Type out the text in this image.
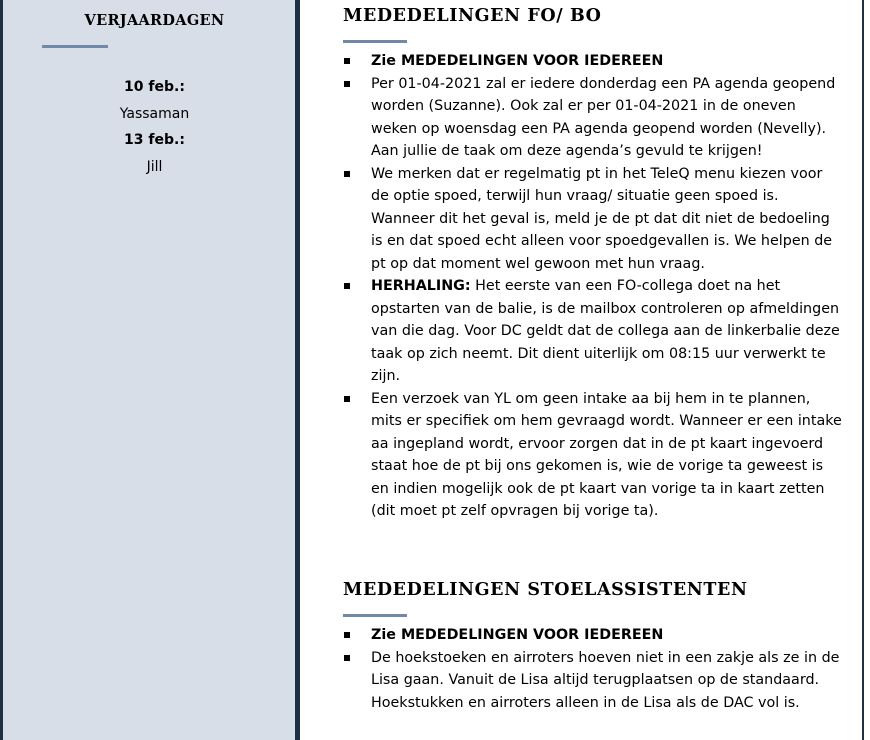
VERJAARDAGEN
10 feb.:
Yassaman
13 feb.:
Jill
MEDEDELINGEN FO/ BO
Zie MEDEDELINGEN VOOR IEDEREEN
Per 01-04-2021 zal er iedere donderdag een PA agenda geopend worden (Suzanne). Ook zal er per 01-04-2021 in de oneven weken op woensdag een PA agenda geopend worden (Nevelly). Aan jullie de taak om deze agenda’s gevuld te krijgen!
We merken dat er regelmatig pt in het TeleQ menu kiezen voor de optie spoed, terwijl hun vraag/ situatie geen spoed is. Wanneer dit het geval is, meld je de pt dat dit niet de bedoeling is en dat spoed echt alleen voor spoedgevallen is. We helpen de pt op dat moment wel gewoon met hun vraag.
HERHALING: Het eerste van een FO-collega doet na het opstarten van de balie, is de mailbox controleren op afmeldingen van die dag. Voor DC geldt dat de collega aan de linkerbalie deze taak op zich neemt. Dit dient uiterlijk om 08:15 uur verwerkt te zijn.
Een verzoek van YL om geen intake aa bij hem in te plannen, mits er specifiek om hem gevraagd wordt. Wanneer er een intake aa ingepland wordt, ervoor zorgen dat in de pt kaart ingevoerd staat hoe de pt bij ons gekomen is, wie de vorige ta geweest is en indien mogelijk ook de pt kaart van vorige ta in kaart zetten (dit moet pt zelf opvragen bij vorige ta).
MEDEDELINGEN STOELASSISTENTEN
Zie MEDEDELINGEN VOOR IEDEREEN
De hoekstoeken en airroters hoeven niet in een zakje als ze in de Lisa gaan. Vanuit de Lisa altijd terugplaatsen op de standaard. Hoekstukken en airroters alleen in de Lisa als de DAC vol is.
